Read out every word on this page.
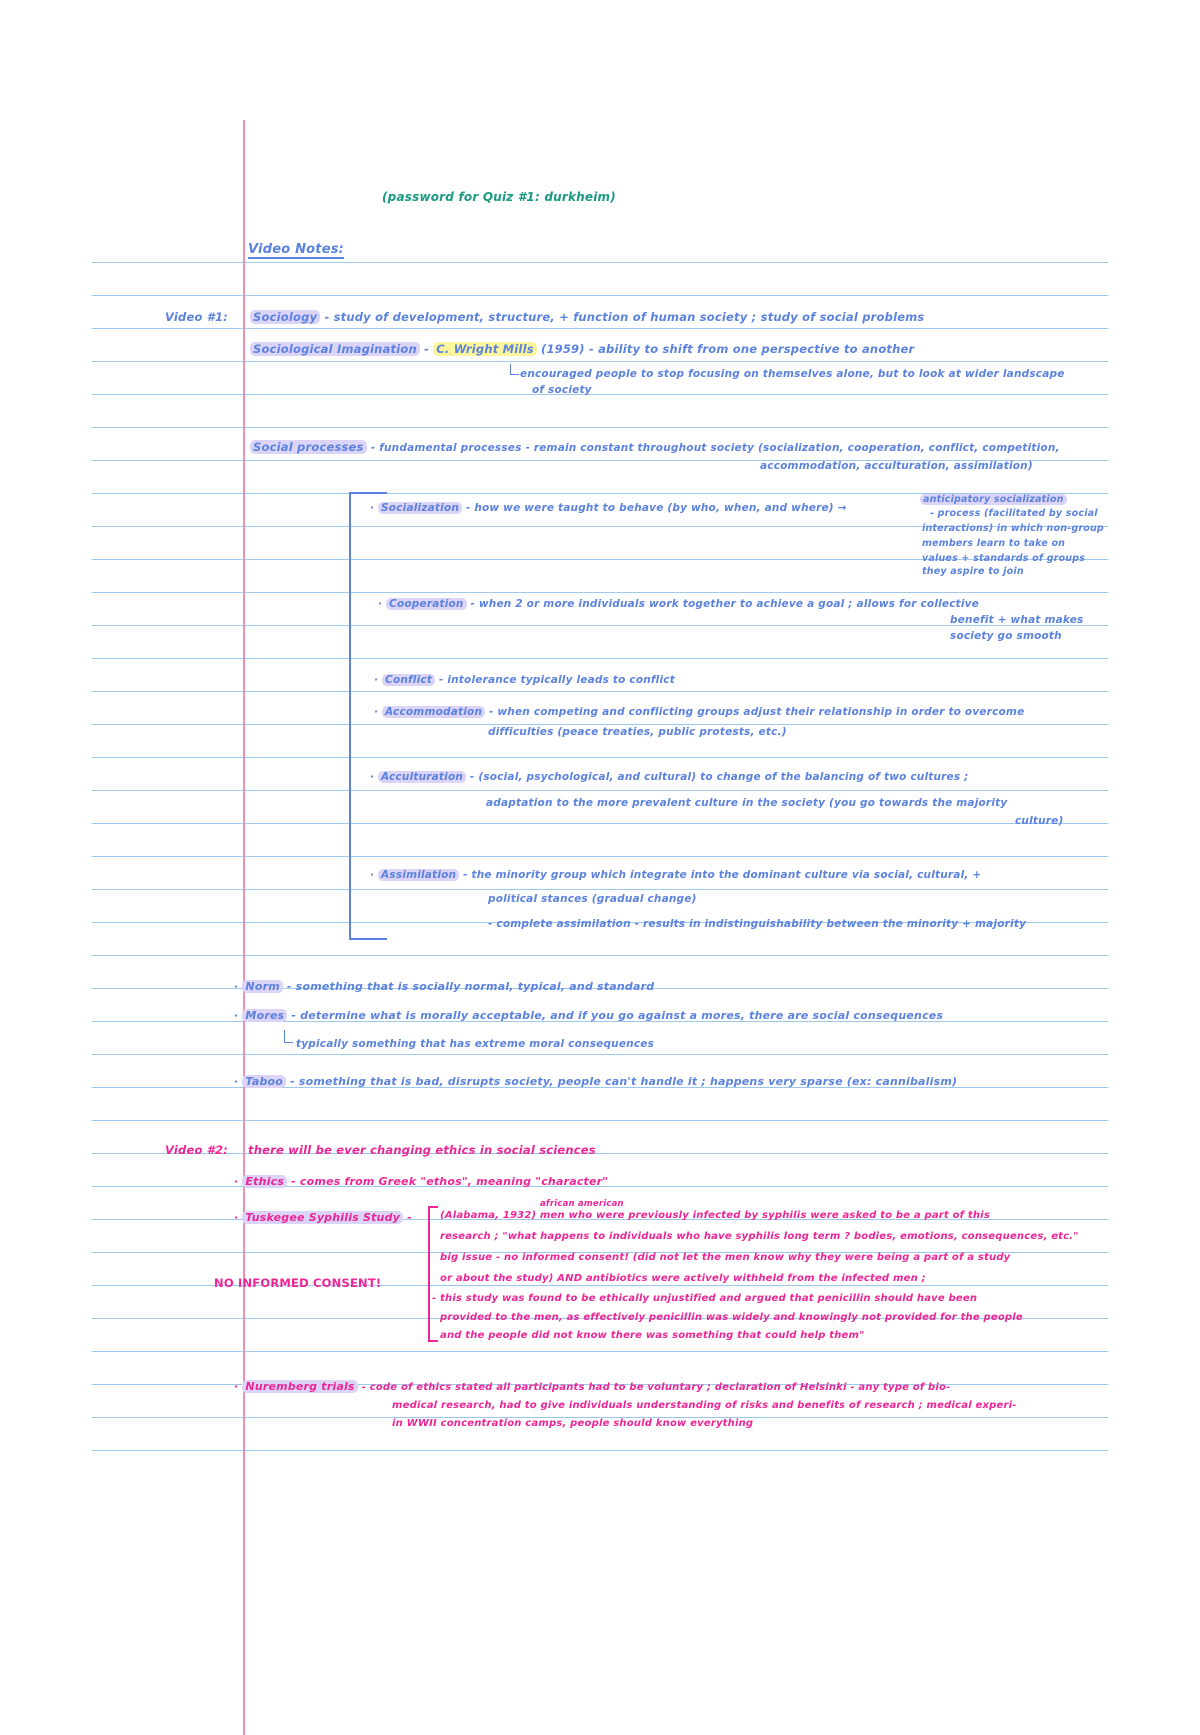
(password for Quiz #1: durkheim)
Video Notes:
Video #1: Sociology - study of development, structure, + function of human society ; study of social problems
Sociological Imagination - C. Wright Mills (1959) - ability to shift from one perspective to another
encouraged people to stop focusing on themselves alone, but to look at wider landscape
of society
Social processes - fundamental processes - remain constant throughout society (socialization, cooperation, conflict, competition,
accommodation, acculturation, assimilation)
· Socialization - how we were taught to behave (by who, when, and where) →
anticipatory socialization
- process (facilitated by social
interactions) in which non-group
members learn to take on
values + standards of groups
they aspire to join
· Cooperation - when 2 or more individuals work together to achieve a goal ; allows for collective
benefit + what makes
society go smooth
· Conflict - intolerance typically leads to conflict
· Accommodation - when competing and conflicting groups adjust their relationship in order to overcome
difficulties (peace treaties, public protests, etc.)
· Acculturation - (social, psychological, and cultural) to change of the balancing of two cultures ;
adaptation to the more prevalent culture in the society (you go towards the majority
culture)
· Assimilation - the minority group which integrate into the dominant culture via social, cultural, +
political stances (gradual change)
- complete assimilation - results in indistinguishability between the minority + majority
· Norm - something that is socially normal, typical, and standard
· Mores - determine what is morally acceptable, and if you go against a mores, there are social consequences
typically something that has extreme moral consequences
· Taboo - something that is bad, disrupts society, people can't handle it ; happens very sparse (ex: cannibalism)
Video #2: there will be ever changing ethics in social sciences
· Ethics - comes from Greek "ethos", meaning "character"
· Tuskegee Syphilis Study -
african american
(Alabama, 1932) men who were previously infected by syphilis were asked to be a part of this
research ; "what happens to individuals who have syphilis long term ? bodies, emotions, consequences, etc."
big issue - no informed consent! (did not let the men know why they were being a part of a study
or about the study) AND antibiotics were actively withheld from the infected men ;
- this study was found to be ethically unjustified and argued that penicillin should have been
provided to the men, as effectively penicillin was widely and knowingly not provided for the people
and the people did not know there was something that could help them"
NO INFORMED CONSENT!
· Nuremberg trials - code of ethics stated all participants had to be voluntary ; declaration of Helsinki - any type of bio-
medical research, had to give individuals understanding of risks and benefits of research ; medical experi-
in WWII concentration camps, people should know everything
